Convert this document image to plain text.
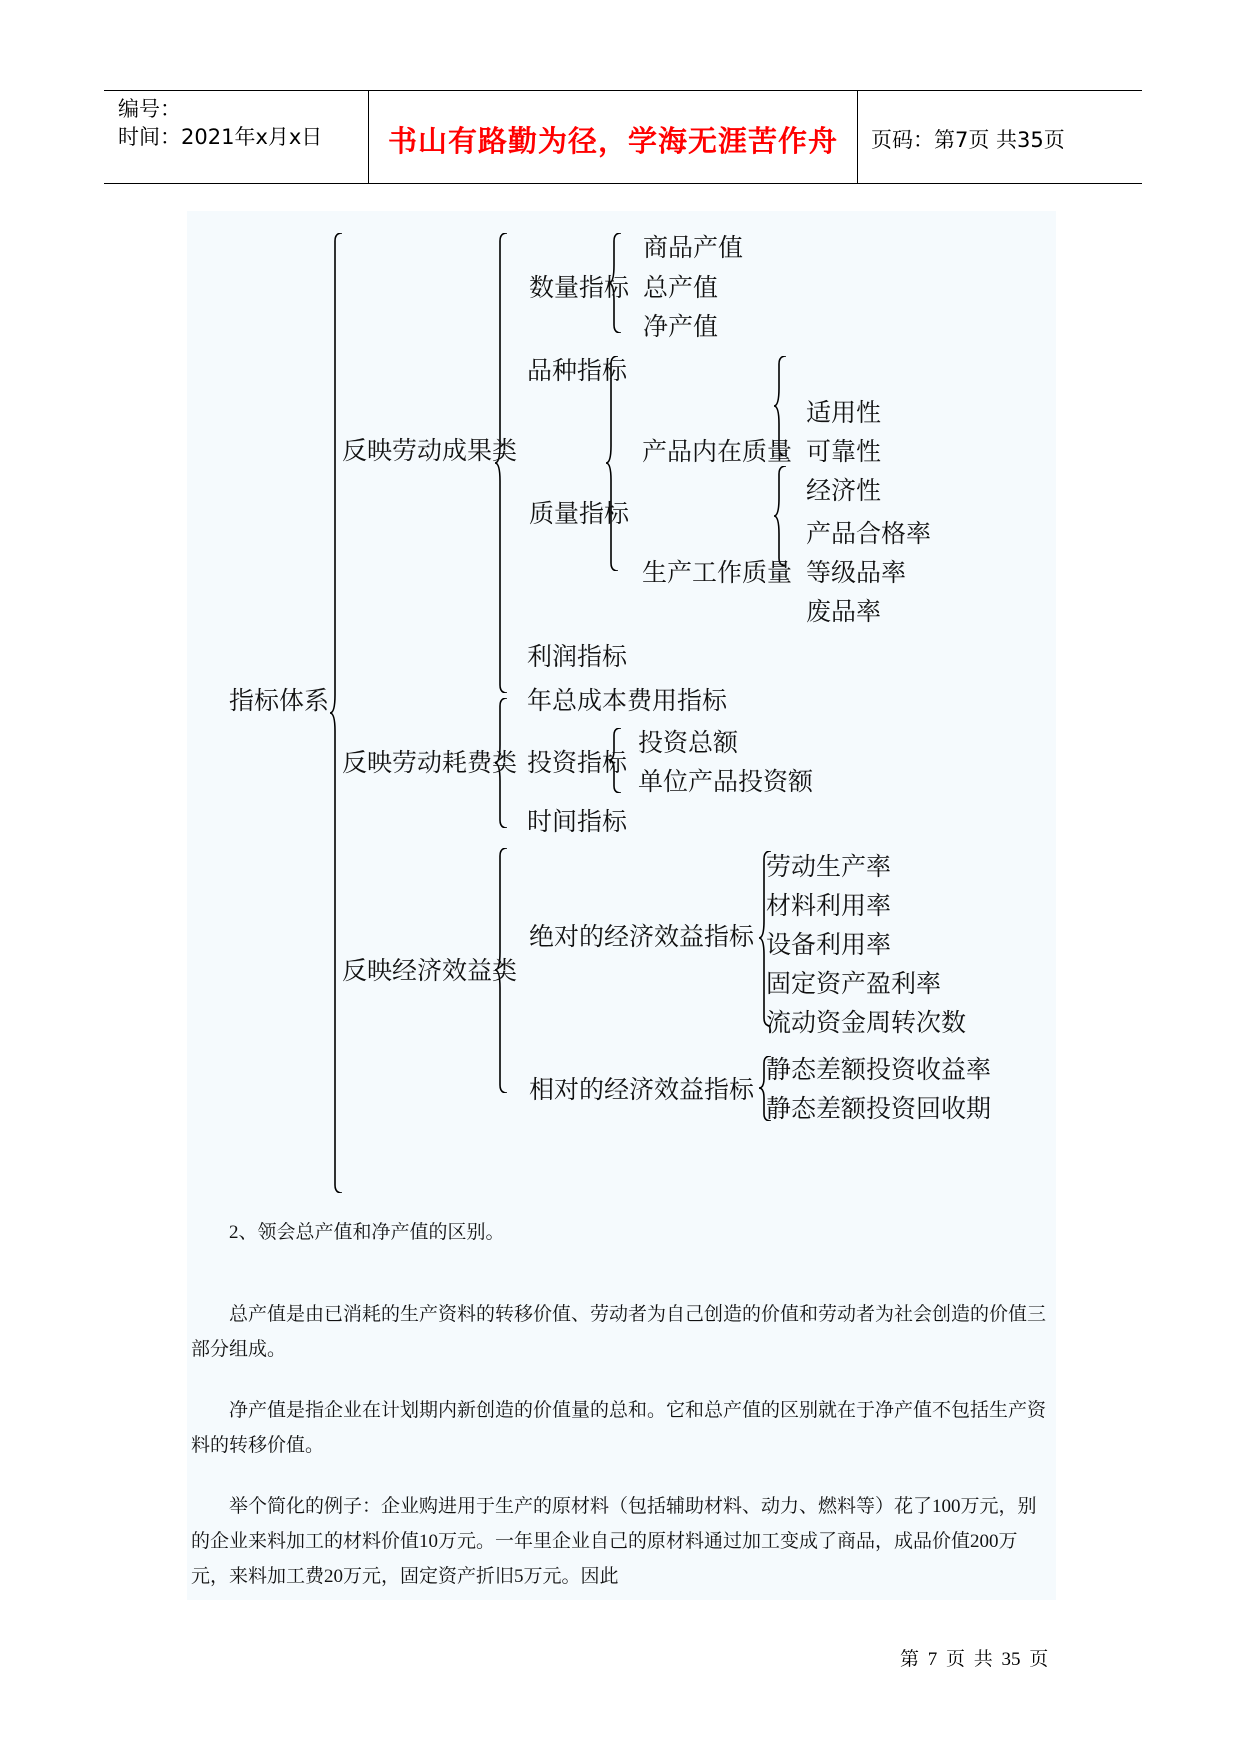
编号：
时间：2021年x月x日	书山有路勤为径，学海无涯苦作舟	页码：第7页 共35页
指标体系
反映劳动成果类
反映劳动耗费类
反映经济效益类
数量指标
商品产值
总产值
净产值
品种指标
质量指标
产品内在质量
适用性
可靠性
经济性
生产工作质量
产品合格率
等级品率
废品率
利润指标
年总成本费用指标
投资指标
投资总额
单位产品投资额
时间指标
绝对的经济效益指标
劳动生产率
材料利用率
设备利用率
固定资产盈利率
流动资金周转次数
相对的经济效益指标
静态差额投资收益率
静态差额投资回收期
2、领会总产值和净产值的区别。
总产值是由已消耗的生产资料的转移价值、劳动者为自己创造的价值和劳动者为社会创造的价值三部分组成。
净产值是指企业在计划期内新创造的价值量的总和。它和总产值的区别就在于净产值不包括生产资料的转移价值。
举个简化的例子：企业购进用于生产的原材料（包括辅助材料、动力、燃料等）花了100万元，别的企业来料加工的材料价值10万元。一年里企业自己的原材料通过加工变成了商品，成品价值200万元，来料加工费20万元，固定资产折旧5万元。因此
第 7 页 共 35 页
